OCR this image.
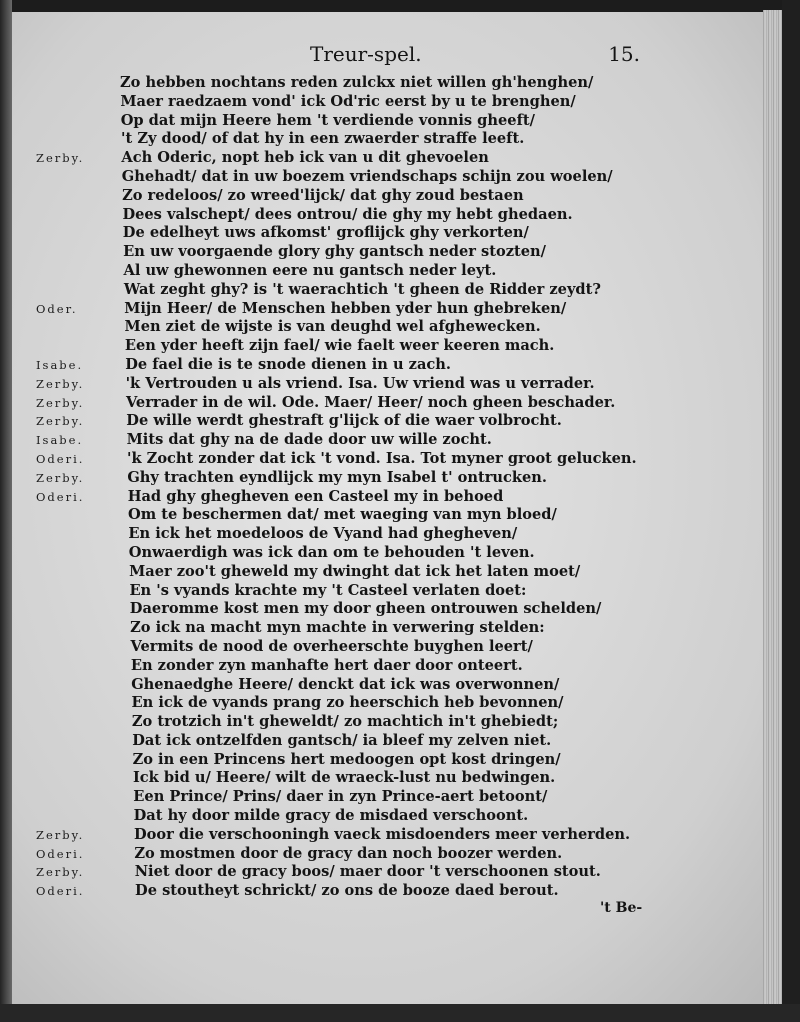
Treur-spel.	15.
Zo hebben nochtans reden zulckx niet willen gh'henghen/
Maer raedzaem vond' ick Od'ric eerst by u te brenghen/
Op dat mijn Heere hem 't verdiende vonnis gheeft/
't Zy dood/ of dat hy in een zwaerder straffe leeft.
Zerby.	Ach Oderic, nopt heb ick van u dit ghevoelen
Ghehadt/ dat in uw boezem vriendschaps schijn zou woelen/
Zo redeloos/ zo wreed'lijck/ dat ghy zoud bestaen
Dees valschept/ dees ontrou/ die ghy my hebt ghedaen.
De edelheyt uws afkomst' groflijck ghy verkorten/
En uw voorgaende glory ghy gantsch neder stozten/
Al uw ghewonnen eere nu gantsch neder leyt.
Wat zeght ghy? is 't waerachtich 't gheen de Ridder zeydt?
Oder.	Mijn Heer/ de Menschen hebben yder hun ghebreken/
Men ziet de wijste is van deughd wel afghewecken.
Een yder heeft zijn fael/ wie faelt weer keeren mach.
Isabe.	De fael die is te snode dienen in u zach.
Zerby.	'k Vertrouden u als vriend. Isa. Uw vriend was u verrader.
Zerby.	Verrader in de wil. Ode. Maer/ Heer/ noch gheen beschader.
Zerby.	De wille werdt ghestraft g'lijck of die waer volbrocht.
Isabe.	Mits dat ghy na de dade door uw wille zocht.
Oderi.	'k Zocht zonder dat ick 't vond. Isa. Tot myner groot gelucken.
Zerby.	Ghy trachten eyndlijck my myn Isabel t' ontrucken.
Oderi.	Had ghy ghegheven een Casteel my in behoed
Om te beschermen dat/ met waeging van myn bloed/
En ick het moedeloos de Vyand had ghegheven/
Onwaerdigh was ick dan om te behouden 't leven.
Maer zoo't gheweld my dwinght dat ick het laten moet/
En 's vyands krachte my 't Casteel verlaten doet:
Daeromme kost men my door gheen ontrouwen schelden/
Zo ick na macht myn machte in verwering stelden:
Vermits de nood de overheerschte buyghen leert/
En zonder zyn manhafte hert daer door onteert.
Ghenaedghe Heere/ denckt dat ick was overwonnen/
En ick de vyands prang zo heerschich heb bevonnen/
Zo trotzich in't gheweldt/ zo machtich in't ghebiedt;
Dat ick ontzelfden gantsch/ ia bleef my zelven niet.
Zo in een Princens hert medoogen opt kost dringen/
Ick bid u/ Heere/ wilt de wraeck-lust nu bedwingen.
Een Prince/ Prins/ daer in zyn Prince-aert betoont/
Dat hy door milde gracy de misdaed verschoont.
Zerby.	Door die verschooningh vaeck misdoenders meer verherden.
Oderi.	Zo mostmen door de gracy dan noch boozer werden.
Zerby.	Niet door de gracy boos/ maer door 't verschoonen stout.
Oderi.	De stoutheyt schrickt/ zo ons de booze daed berout.
't Be-
